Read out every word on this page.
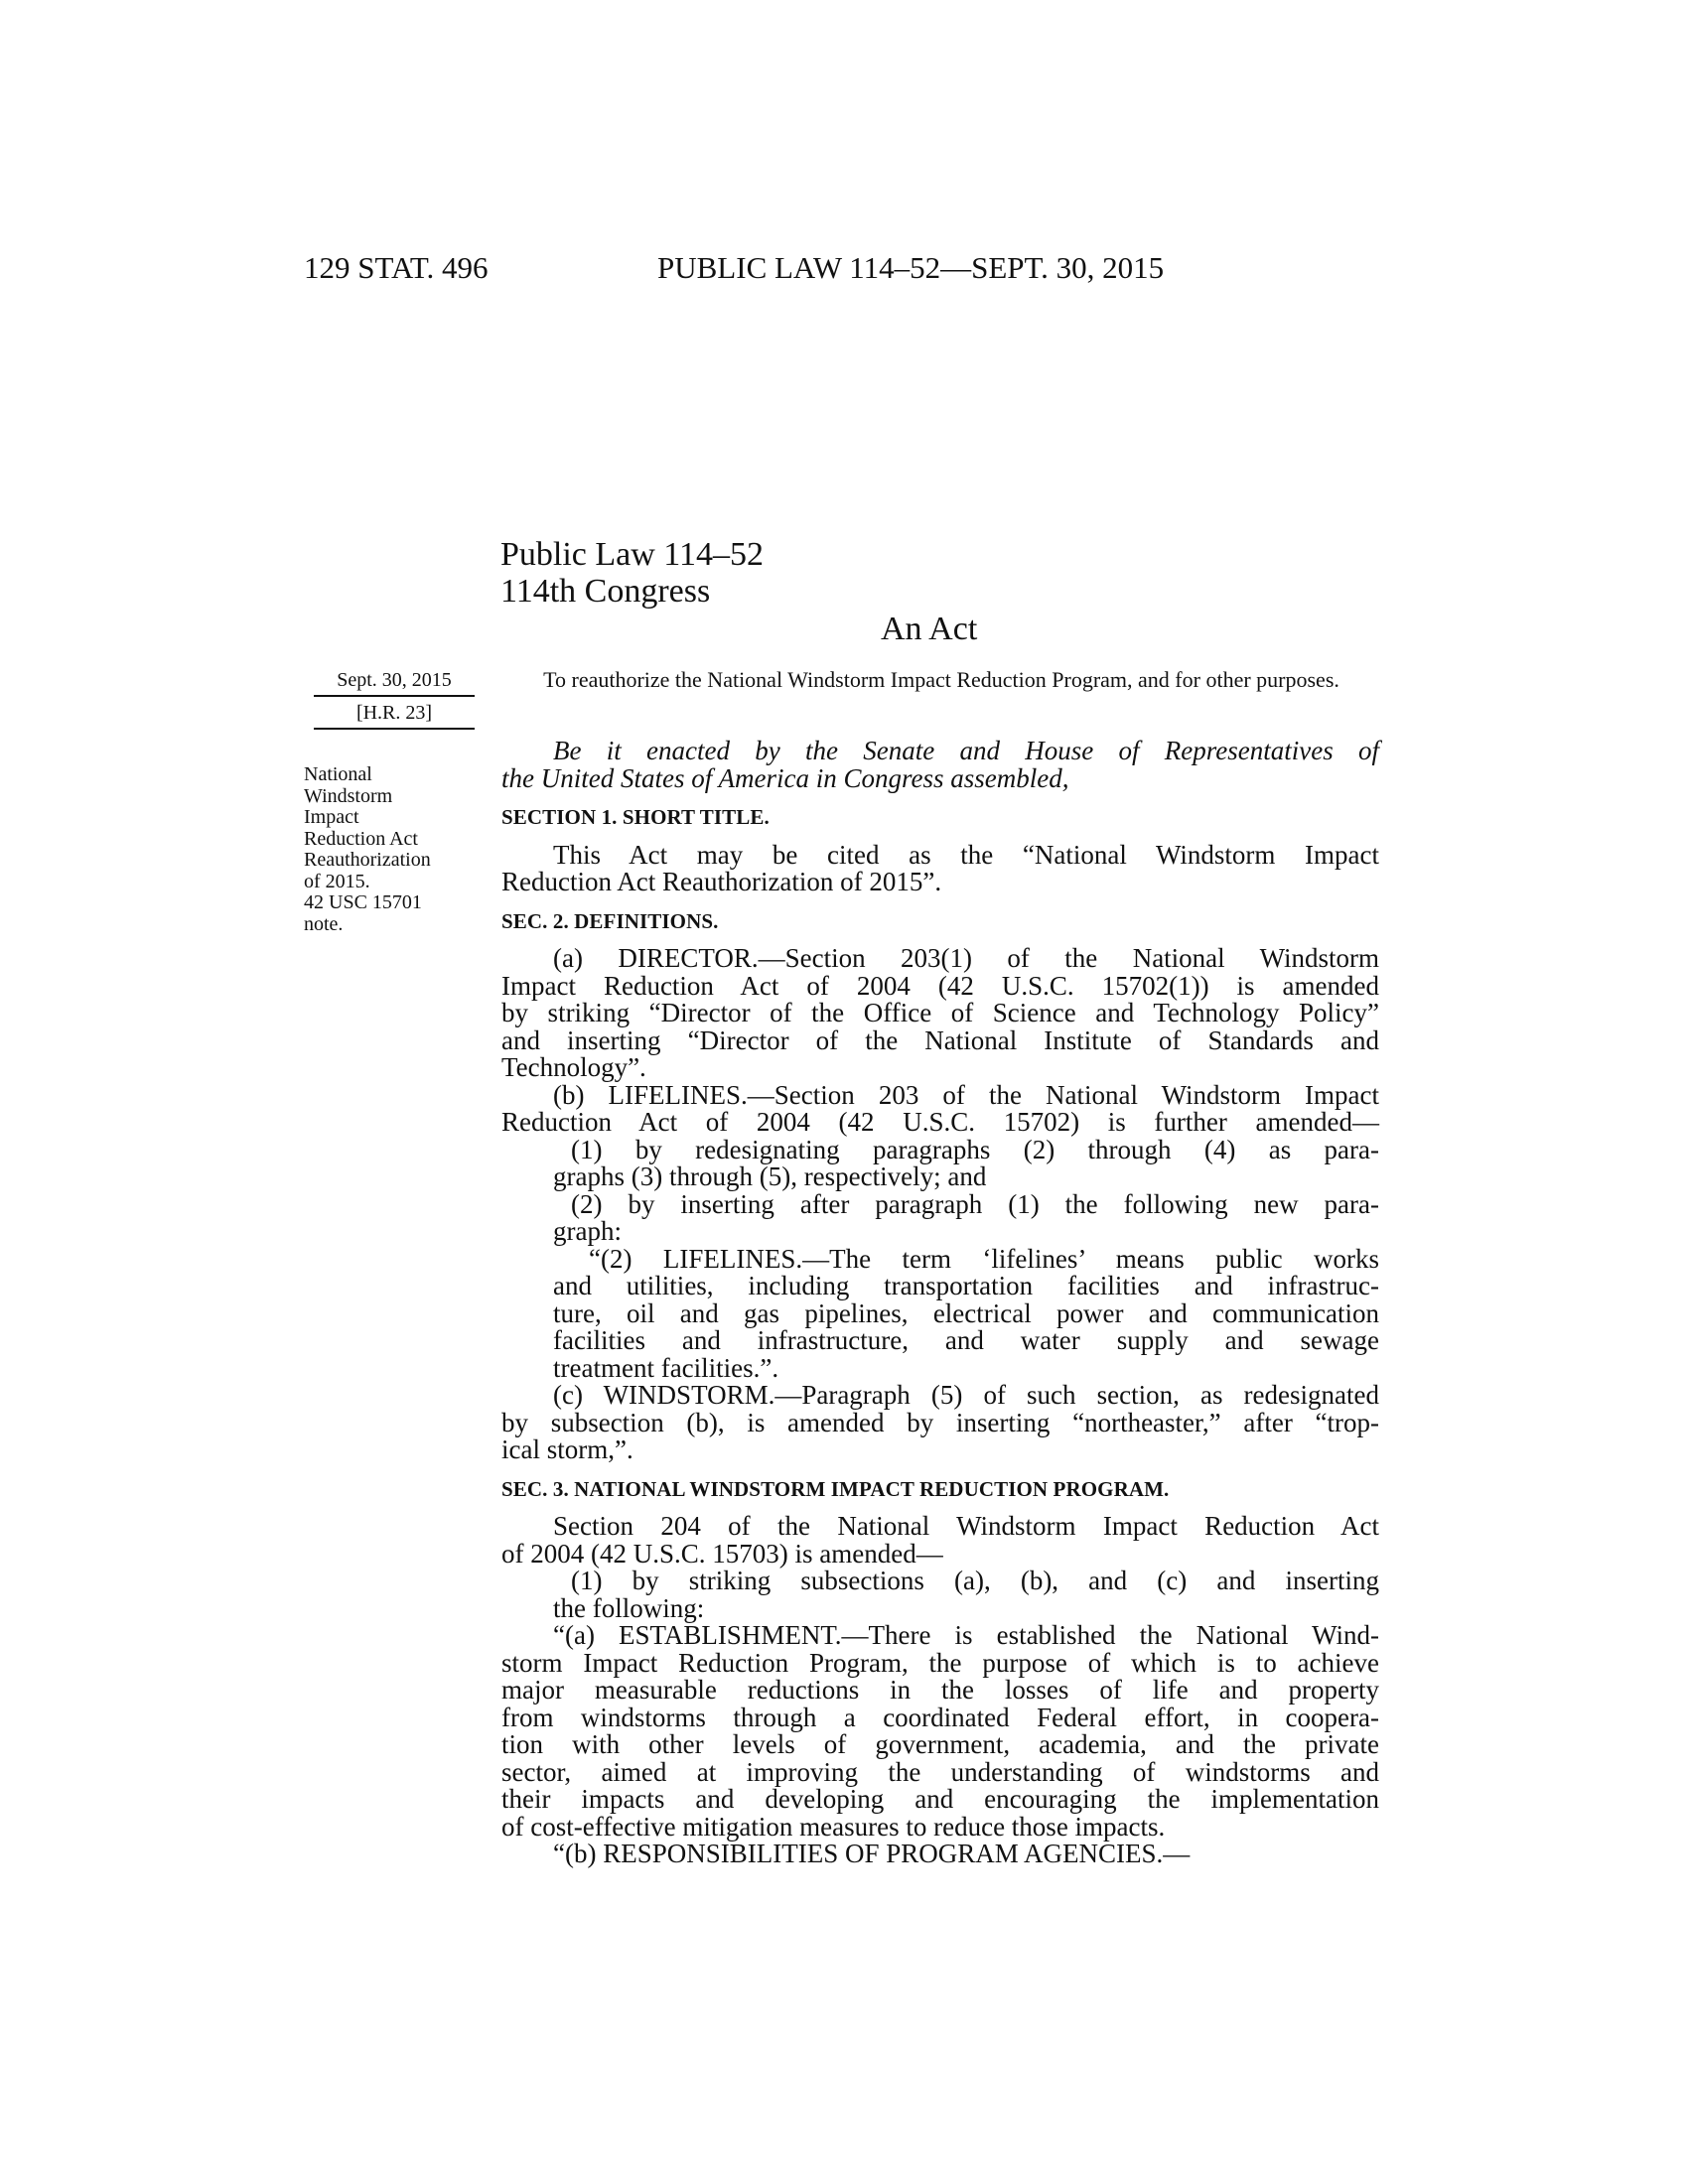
129 STAT. 496	PUBLIC LAW 114–52—SEPT. 30, 2015
Public Law 114–52
114th Congress
An Act
Sept. 30, 2015
[H.R. 23]
National
Windstorm
Impact
Reduction Act
Reauthorization
of 2015.
42 USC 15701
note.
To reauthorize the National Windstorm Impact Reduction Program, and for other purposes.
Be it enacted by the Senate and House of Representatives of
the United States of America in Congress assembled,
SECTION 1. SHORT TITLE.
This Act may be cited as the “National Windstorm Impact
Reduction Act Reauthorization of 2015”.
SEC. 2. DEFINITIONS.
(a) DIRECTOR.—Section 203(1) of the National Windstorm
Impact Reduction Act of 2004 (42 U.S.C. 15702(1)) is amended
by striking “Director of the Office of Science and Technology Policy”
and inserting “Director of the National Institute of Standards and
Technology”.
(b) LIFELINES.—Section 203 of the National Windstorm Impact
Reduction Act of 2004 (42 U.S.C. 15702) is further amended—
(1) by redesignating paragraphs (2) through (4) as para-
graphs (3) through (5), respectively; and
(2) by inserting after paragraph (1) the following new para-
graph:
“(2) LIFELINES.—The term ‘lifelines’ means public works
and utilities, including transportation facilities and infrastruc-
ture, oil and gas pipelines, electrical power and communication
facilities and infrastructure, and water supply and sewage
treatment facilities.”.
(c) WINDSTORM.—Paragraph (5) of such section, as redesignated
by subsection (b), is amended by inserting “northeaster,” after “trop-
ical storm,”.
SEC. 3. NATIONAL WINDSTORM IMPACT REDUCTION PROGRAM.
Section 204 of the National Windstorm Impact Reduction Act
of 2004 (42 U.S.C. 15703) is amended—
(1) by striking subsections (a), (b), and (c) and inserting
the following:
“(a) ESTABLISHMENT.—There is established the National Wind-
storm Impact Reduction Program, the purpose of which is to achieve
major measurable reductions in the losses of life and property
from windstorms through a coordinated Federal effort, in coopera-
tion with other levels of government, academia, and the private
sector, aimed at improving the understanding of windstorms and
their impacts and developing and encouraging the implementation
of cost-effective mitigation measures to reduce those impacts.
“(b) RESPONSIBILITIES OF PROGRAM AGENCIES.—
